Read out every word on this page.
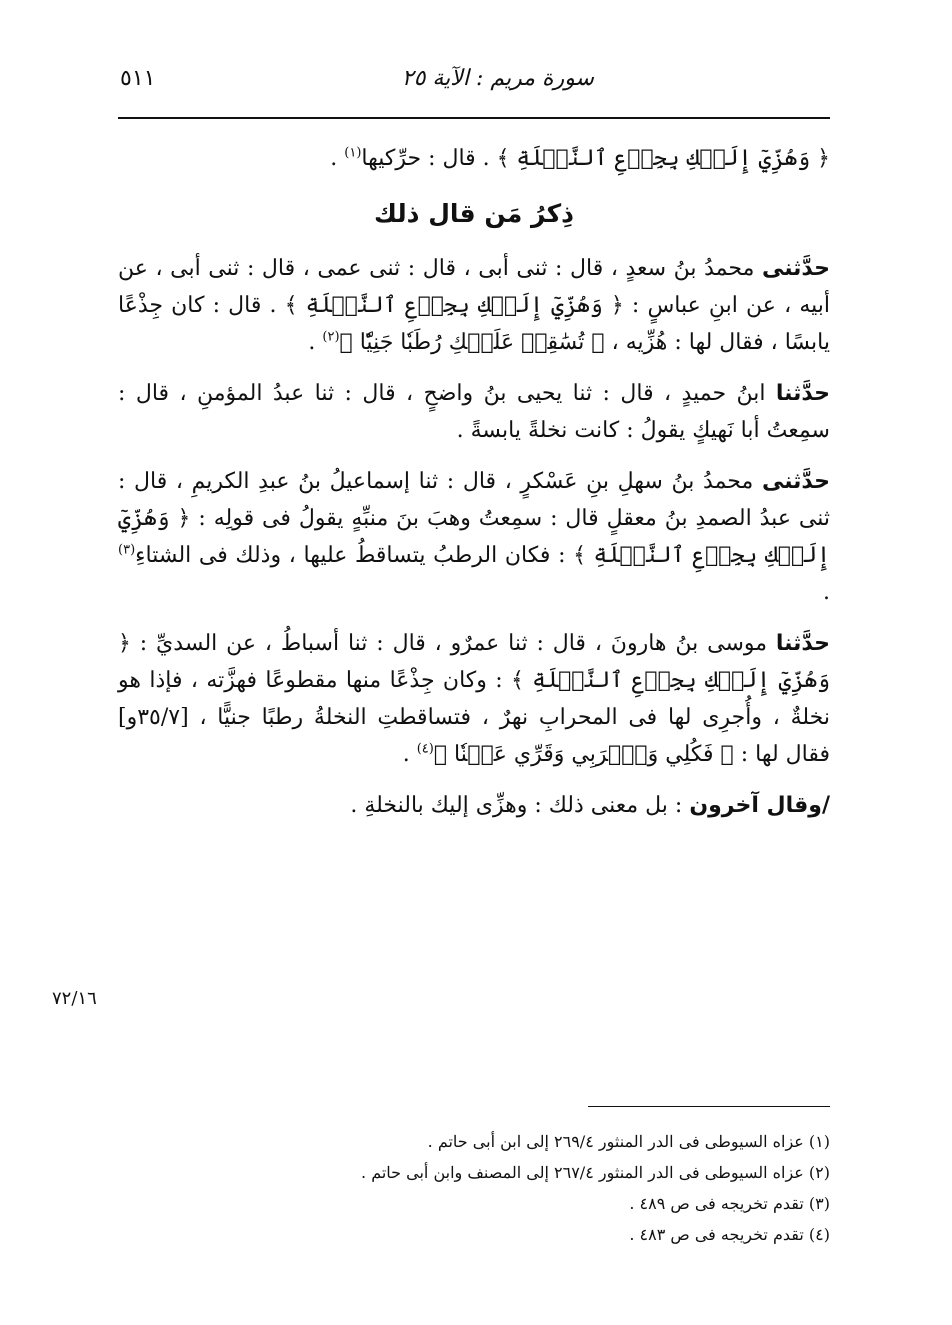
سورة مريم : الآية ٢٥
٥١١

﴿ وَهُزِّيٓ إِلَيۡكِ بِجِذۡعِ ٱلنَّخۡلَةِ ﴾ . قال : حرِّكيها$^{(١)}$ .

ذِكرُ مَن قال ذلك

حدَّثنى محمدُ بنُ سعدٍ ، قال : ثنى أبى ، قال : ثنى عمى ، قال : ثنى أبى ، عن أبيه ، عن ابنِ عباسٍ : ﴿ وَهُزِّيٓ إِلَيۡكِ بِجِذۡعِ ٱلنَّخۡلَةِ ﴾ . قال : كان جِذْعًا يابسًا ، فقال لها : هُزِّيه ، ﴿ تُسَٰقِطۡ عَلَيۡكِ رُطَبٗا جَنِيّٗا ﴾$^{(٢)}$ .

حدَّثنا ابنُ حميدٍ ، قال : ثنا يحيى بنُ واضحٍ ، قال : ثنا عبدُ المؤمنِ ، قال : سمِعتُ أبا نَهيكٍ يقولُ : كانت نخلةً يابسةً .

حدَّثنى محمدُ بنُ سهلِ بنِ عَسْكرٍ ، قال : ثنا إسماعيلُ بنُ عبدِ الكريمِ ، قال : ثنى عبدُ الصمدِ بنُ معقلٍ قال : سمِعتُ وهبَ بنَ منبِّهٍ يقولُ فى قولِه : ﴿ وَهُزِّيٓ إِلَيۡكِ بِجِذۡعِ ٱلنَّخۡلَةِ ﴾ : فكان الرطبُ يتساقطُ عليها ، وذلك فى الشتاءِ$^{(٣)}$ .

حدَّثنا موسى بنُ هارونَ ، قال : ثنا عمرٌو ، قال : ثنا أسباطُ ، عن السديِّ : ﴿ وَهُزِّيٓ إِلَيۡكِ بِجِذۡعِ ٱلنَّخۡلَةِ ﴾ : وكان جِذْعًا منها مقطوعًا فهزَّته ، فإذا هو نخلةٌ ، وأُجرِى لها فى المحرابِ نهرٌ ، فتساقطتِ النخلةُ رطبًا جنيًّا ، [٣٥/٧و] فقال لها : ﴿ فَكُلِي وَٱشۡرَبِي وَقَرِّي عَيۡنٗا ﴾$^{(٤)}$ .

/وقال آخرون : بل معنى ذلك : وهزِّى إليك بالنخلةِ .

٧٢/١٦
(١) عزاه السيوطى فى الدر المنثور ٢٦٩/٤ إلى ابن أبى حاتم .
(٢) عزاه السيوطى فى الدر المنثور ٢٦٧/٤ إلى المصنف وابن أبى حاتم .
(٣) تقدم تخريجه فى ص ٤٨٩ .
(٤) تقدم تخريجه فى ص ٤٨٣ .
